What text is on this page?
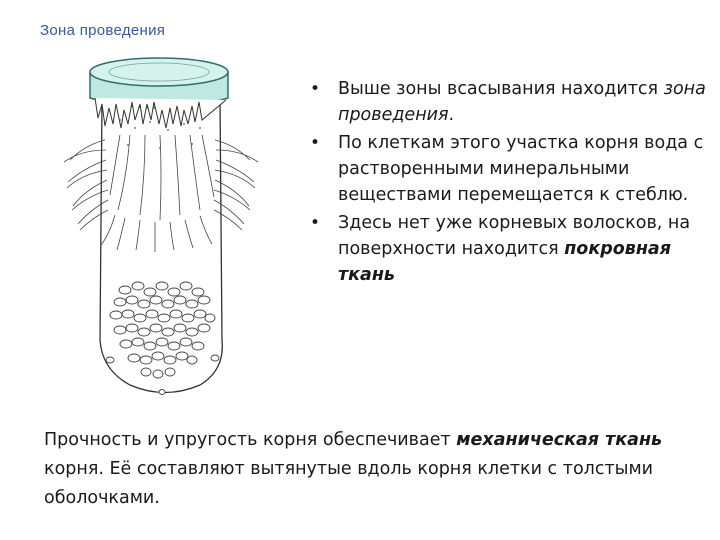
Зона проведения
• Выше зоны всасывания находится зона проведения.
• По клеткам этого участка корня вода с растворенными минеральными веществами перемещается к стеблю.
• Здесь нет уже корневых волосков, на поверхности находится покровная ткань

Прочность и упругость корня обеспечивает механическая ткань корня. Её составляют вытянутые вдоль корня клетки с толстыми оболочками.
